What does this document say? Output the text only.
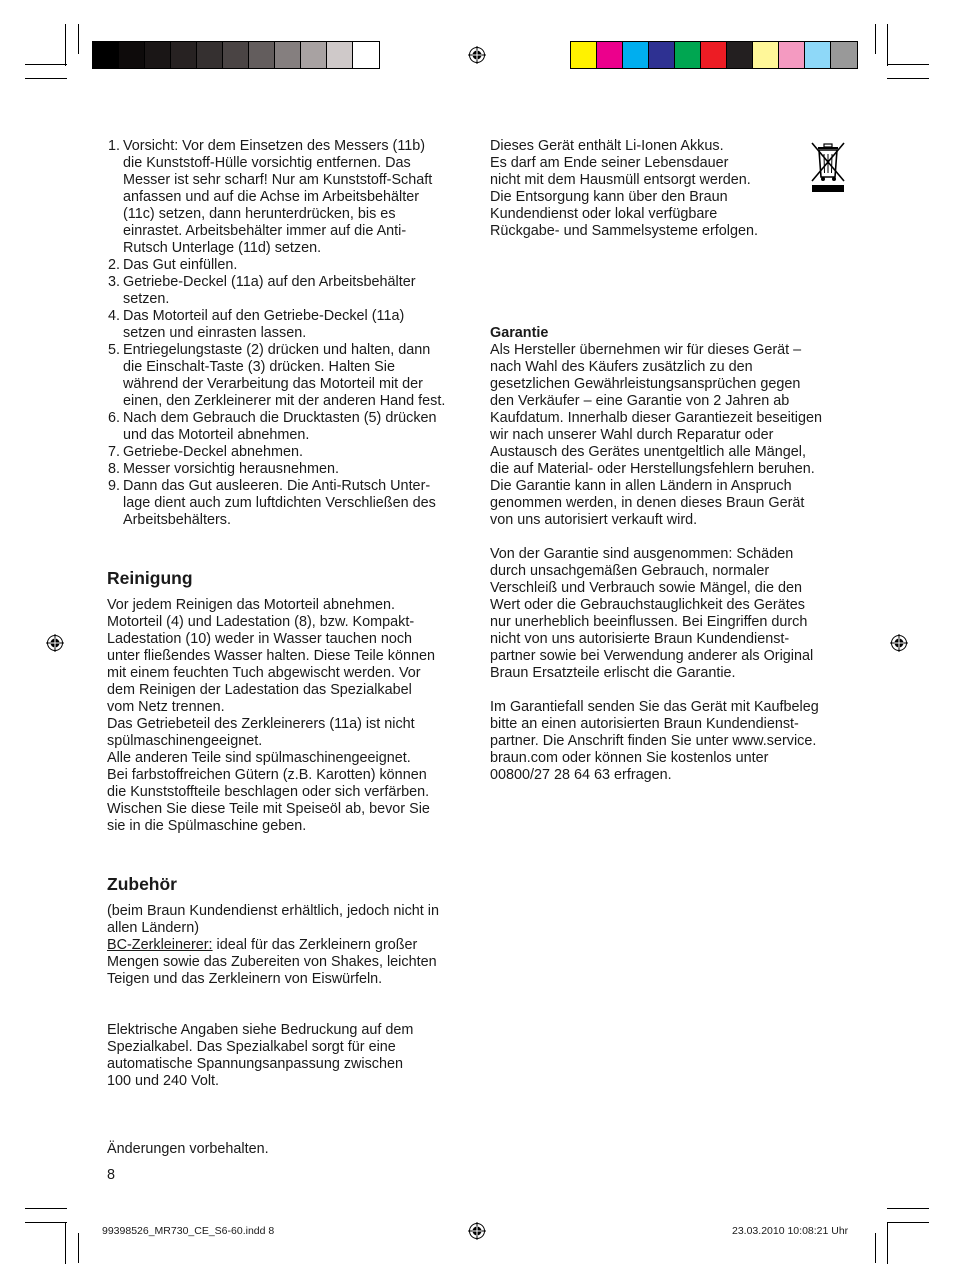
1. Vorsicht: Vor dem Einsetzen des Messers (11b)
die Kunststoff-Hülle vorsichtig entfernen. Das
Messer ist sehr scharf! Nur am Kunststoff-Schaft
anfassen und auf die Achse im Arbeitsbehälter
(11c) setzen, dann herunterdrücken, bis es
einrastet. Arbeitsbehälter immer auf die Anti-
Rutsch Unterlage (11d) setzen.
2. Das Gut einfüllen.
3. Getriebe-Deckel (11a) auf den Arbeitsbehälter
setzen.
4. Das Motorteil auf den Getriebe-Deckel (11a)
setzen und einrasten lassen.
5. Entriegelungstaste (2) drücken und halten, dann
die Einschalt-Taste (3) drücken. Halten Sie
während der Verarbeitung das Motorteil mit der
einen, den Zerkleinerer mit der anderen Hand fest.
6. Nach dem Gebrauch die Drucktasten (5) drücken
und das Motorteil abnehmen.
7. Getriebe-Deckel abnehmen.
8. Messer vorsichtig herausnehmen.
9. Dann das Gut ausleeren. Die Anti-Rutsch Unter-
lage dient auch zum luftdichten Verschließen des
Arbeitsbehälters.
Reinigung
Vor jedem Reinigen das Motorteil abnehmen.
Motorteil (4) und Ladestation (8), bzw. Kompakt-
Ladestation (10) weder in Wasser tauchen noch
unter fließendes Wasser halten. Diese Teile können
mit einem feuchten Tuch abgewischt werden. Vor
dem Reinigen der Ladestation das Spezialkabel
vom Netz trennen.
Das Getriebeteil des Zerkleinerers (11a) ist nicht
spülmaschinengeeignet.
Alle anderen Teile sind spülmaschinengeeignet.
Bei farbstoffreichen Gütern (z.B. Karotten) können
die Kunststoffteile beschlagen oder sich verfärben.
Wischen Sie diese Teile mit Speiseöl ab, bevor Sie
sie in die Spülmaschine geben.
Zubehör
(beim Braun Kundendienst erhältlich, jedoch nicht in
allen Ländern)
BC-Zerkleinerer: ideal für das Zerkleinern großer
Mengen sowie das Zubereiten von Shakes, leichten
Teigen und das Zerkleinern von Eiswürfeln.
Elektrische Angaben siehe Bedruckung auf dem
Spezialkabel. Das Spezialkabel sorgt für eine
automatische Spannungsanpassung zwischen
100 und 240 Volt.
Änderungen vorbehalten.
8
Dieses Gerät enthält Li-Ionen Akkus.
Es darf am Ende seiner Lebensdauer
nicht mit dem Hausmüll entsorgt werden.
Die Entsorgung kann über den Braun
Kundendienst oder lokal verfügbare
Rückgabe- und Sammelsysteme erfolgen.
Garantie
Als Hersteller übernehmen wir für dieses Gerät –
nach Wahl des Käufers zusätzlich zu den
gesetzlichen Gewährleistungsansprüchen gegen
den Verkäufer – eine Garantie von 2 Jahren ab
Kaufdatum. Innerhalb dieser Garantiezeit beseitigen
wir nach unserer Wahl durch Reparatur oder
Austausch des Gerätes unentgeltlich alle Mängel,
die auf Material- oder Herstellungsfehlern beruhen.
Die Garantie kann in allen Ländern in Anspruch
genommen werden, in denen dieses Braun Gerät
von uns autorisiert verkauft wird.
Von der Garantie sind ausgenommen: Schäden
durch unsachgemäßen Gebrauch, normaler
Verschleiß und Verbrauch sowie Mängel, die den
Wert oder die Gebrauchstauglichkeit des Gerätes
nur unerheblich beeinflussen. Bei Eingriffen durch
nicht von uns autorisierte Braun Kundendienst-
partner sowie bei Verwendung anderer als Original
Braun Ersatzteile erlischt die Garantie.
Im Garantiefall senden Sie das Gerät mit Kaufbeleg
bitte an einen autorisierten Braun Kundendienst-
partner. Die Anschrift finden Sie unter www.service.
braun.com oder können Sie kostenlos unter
00800/27 28 64 63 erfragen.
99398526_MR730_CE_S6-60.indd 8	23.03.2010 10:08:21 Uhr
